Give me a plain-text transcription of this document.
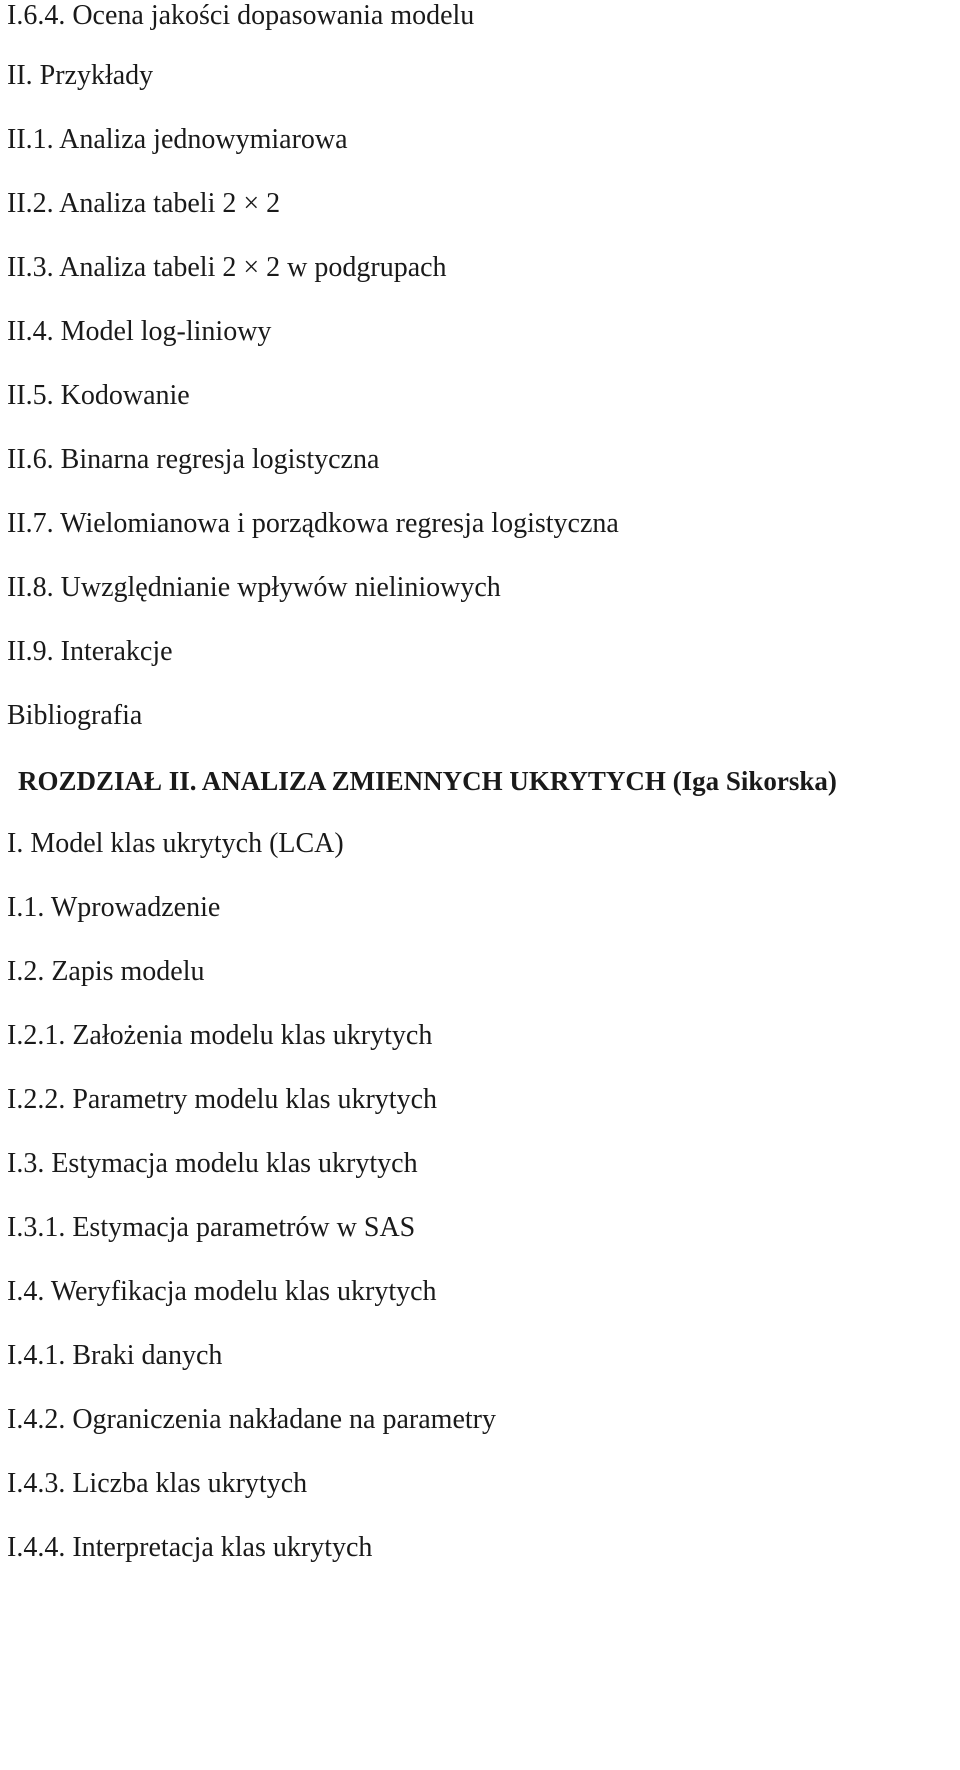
I.6.4. Ocena jakości dopasowania modelu
II. Przykłady
II.1. Analiza jednowymiarowa
II.2. Analiza tabeli 2 × 2
II.3. Analiza tabeli 2 × 2 w podgrupach
II.4. Model log-liniowy
II.5. Kodowanie
II.6. Binarna regresja logistyczna
II.7. Wielomianowa i porządkowa regresja logistyczna
II.8. Uwzględnianie wpływów nieliniowych
II.9. Interakcje
Bibliografia
ROZDZIAŁ II. ANALIZA ZMIENNYCH UKRYTYCH (Iga Sikorska)
I. Model klas ukrytych (LCA)
I.1. Wprowadzenie
I.2. Zapis modelu
I.2.1. Założenia modelu klas ukrytych
I.2.2. Parametry modelu klas ukrytych
I.3. Estymacja modelu klas ukrytych
I.3.1. Estymacja parametrów w SAS
I.4. Weryfikacja modelu klas ukrytych
I.4.1. Braki danych
I.4.2. Ograniczenia nakładane na parametry
I.4.3. Liczba klas ukrytych
I.4.4. Interpretacja klas ukrytych
